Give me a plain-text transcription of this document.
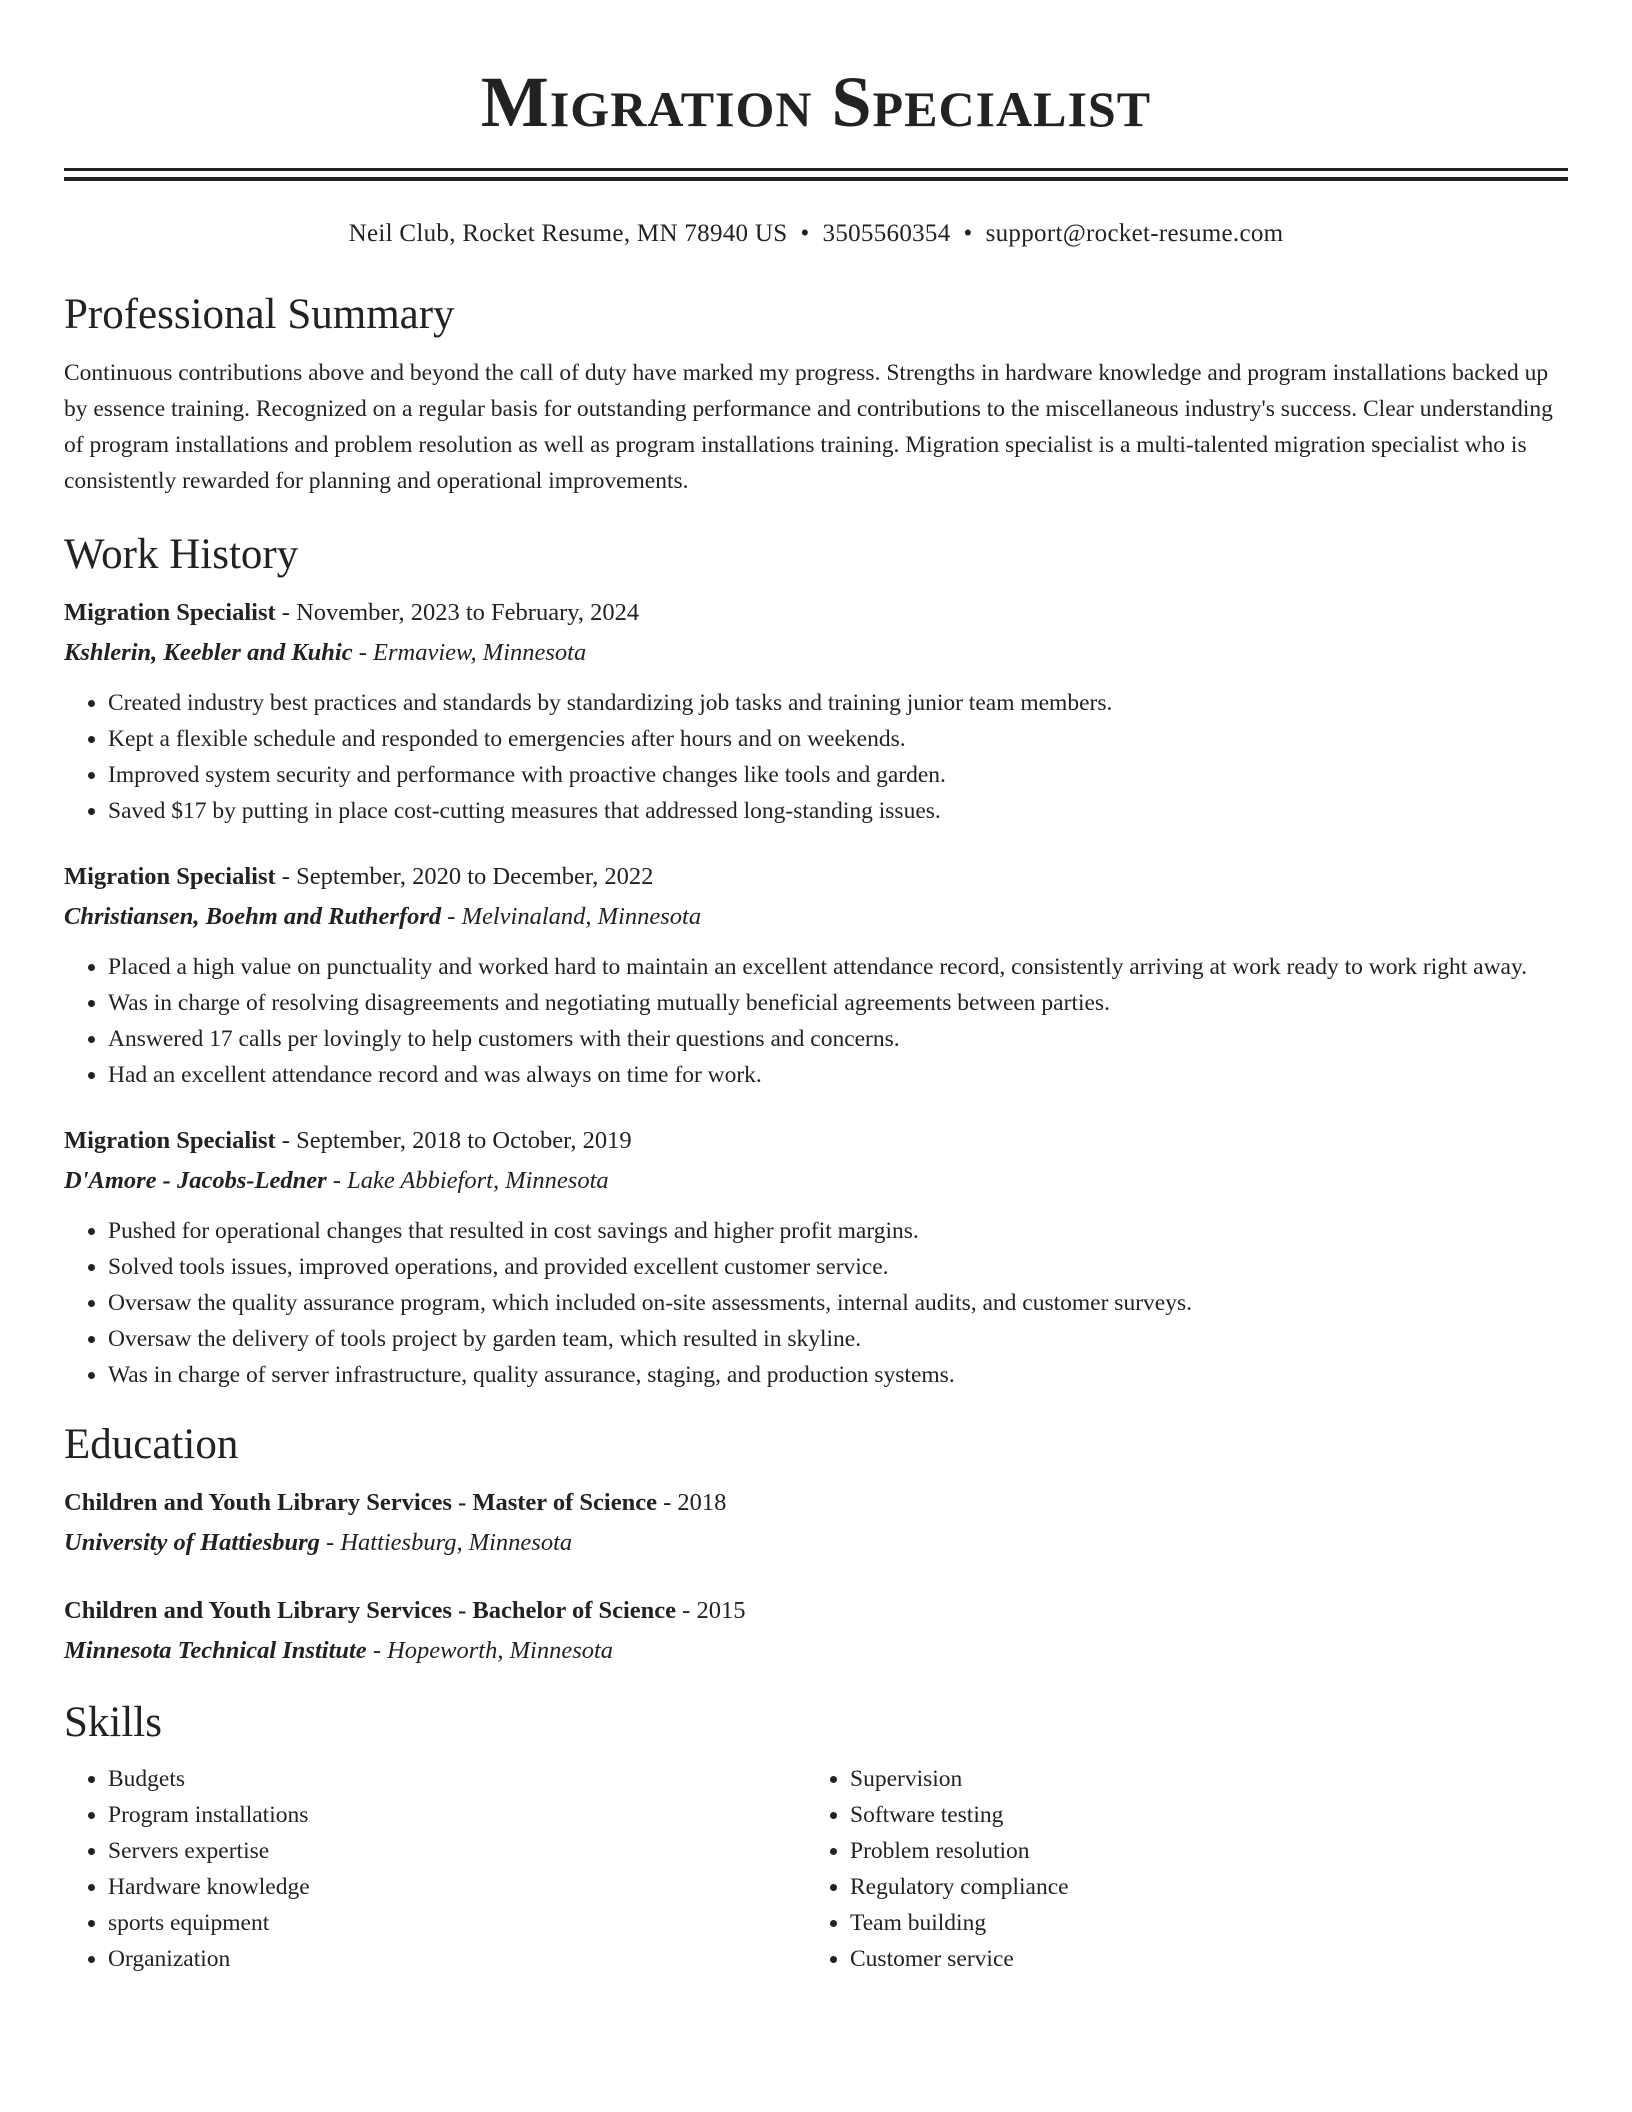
Migration Specialist
Neil Club, Rocket Resume, MN 78940 US • 3505560354 • support@rocket-resume.com
Professional Summary

Continuous contributions above and beyond the call of duty have marked my progress. Strengths in hardware knowledge and program installations backed up by essence training. Recognized on a regular basis for outstanding performance and contributions to the miscellaneous industry's success. Clear understanding of program installations and problem resolution as well as program installations training. Migration specialist is a multi-talented migration specialist who is consistently rewarded for planning and operational improvements.

Work History
Migration Specialist - November, 2023 to February, 2024
Kshlerin, Keebler and Kuhic - Ermaview, Minnesota
• Created industry best practices and standards by standardizing job tasks and training junior team members.
• Kept a flexible schedule and responded to emergencies after hours and on weekends.
• Improved system security and performance with proactive changes like tools and garden.
• Saved $17 by putting in place cost-cutting measures that addressed long-standing issues.
Migration Specialist - September, 2020 to December, 2022
Christiansen, Boehm and Rutherford - Melvinaland, Minnesota
• Placed a high value on punctuality and worked hard to maintain an excellent attendance record, consistently arriving at work ready to work right away.
• Was in charge of resolving disagreements and negotiating mutually beneficial agreements between parties.
• Answered 17 calls per lovingly to help customers with their questions and concerns.
• Had an excellent attendance record and was always on time for work.
Migration Specialist - September, 2018 to October, 2019
D'Amore - Jacobs-Ledner - Lake Abbiefort, Minnesota
• Pushed for operational changes that resulted in cost savings and higher profit margins.
• Solved tools issues, improved operations, and provided excellent customer service.
• Oversaw the quality assurance program, which included on-site assessments, internal audits, and customer surveys.
• Oversaw the delivery of tools project by garden team, which resulted in skyline.
• Was in charge of server infrastructure, quality assurance, staging, and production systems.
Education
Children and Youth Library Services - Master of Science - 2018
University of Hattiesburg - Hattiesburg, Minnesota
Children and Youth Library Services - Bachelor of Science - 2015
Minnesota Technical Institute - Hopeworth, Minnesota
Skills
• Budgets
• Program installations
• Servers expertise
• Hardware knowledge
• sports equipment
• Organization
• Supervision
• Software testing
• Problem resolution
• Regulatory compliance
• Team building
• Customer service
